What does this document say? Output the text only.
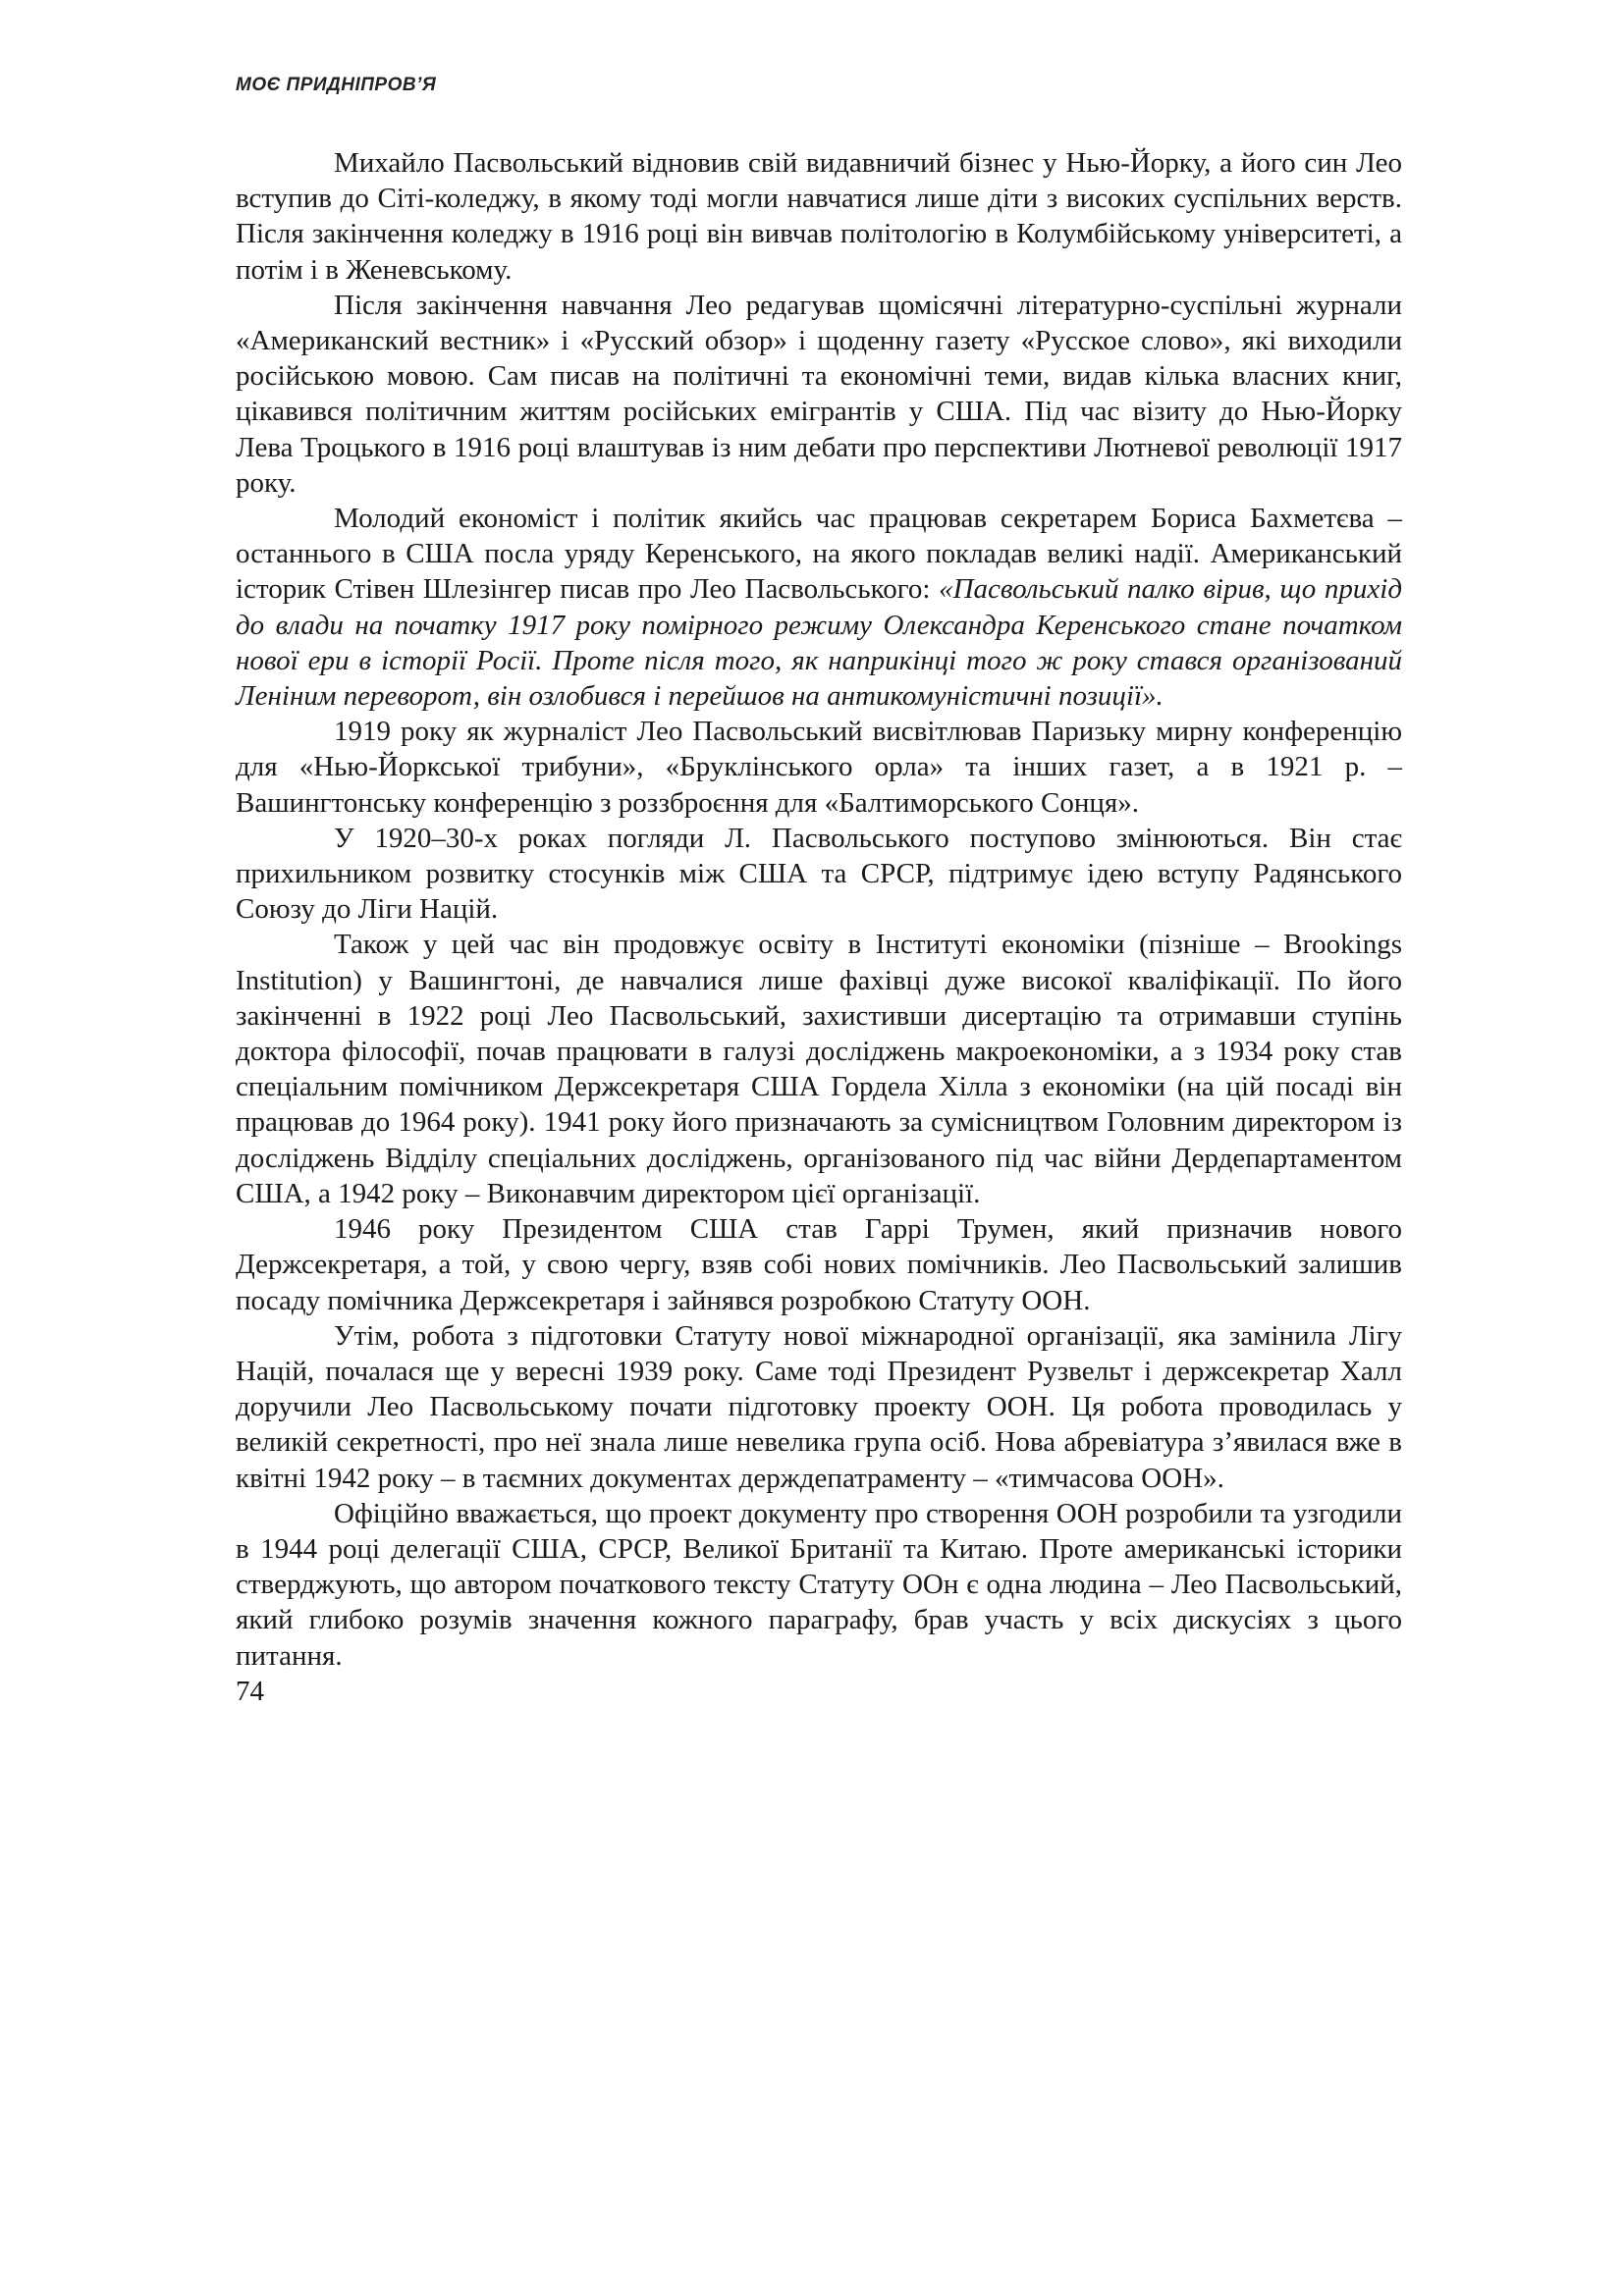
МОЄ ПРИДНІПРОВ’Я

Михайло Пасвольський відновив свій видавничий бізнес у Нью-Йорку, а його син Лео вступив до Сіті-коледжу, в якому тоді могли навчатися лише діти з високих суспільних верств. Після закінчення коледжу в 1916 році він вивчав політологію в Колумбійському університеті, а потім і в Женевському.

Після закінчення навчання Лео редагував щомісячні літературно-суспільні журнали «Американский вестник» і «Русский обзор» і щоденну газету «Русское слово», які виходили російською мовою. Сам писав на політичні та економічні теми, видав кілька власних книг, цікавився політичним життям російських емігрантів у США. Під час візиту до Нью-Йорку Лева Троцького в 1916 році влаштував із ним дебати про перспективи Лютневої революції 1917 року.

Молодий економіст і політик якийсь час працював секретарем Бориса Бахметєва – останнього в США посла уряду Керенського, на якого покладав великі надії. Американський історик Стівен Шлезінгер писав про Лео Пасвольського: «Пасвольський палко вірив, що прихід до влади на початку 1917 року помірного режиму Олександра Керенського стане початком нової ери в історії Росії. Проте після того, як наприкінці того ж року стався організований Леніним переворот, він озлобився і перейшов на антикомуністичні позиції».

1919 року як журналіст Лео Пасвольський висвітлював Паризьку мирну конференцію для «Нью-Йоркської трибуни», «Бруклінського орла» та інших газет, а в 1921 р. – Вашингтонську конференцію з роззброєння для «Балтиморського Сонця».

У 1920–30-х роках погляди Л. Пасвольського поступово змінюються. Він стає прихильником розвитку стосунків між США та СРСР, підтримує ідею вступу Радянського Союзу до Ліги Націй.

Також у цей час він продовжує освіту в Інституті економіки (пізніше – Brookings Institution) у Вашингтоні, де навчалися лише фахівці дуже високої кваліфікації. По його закінченні в 1922 році Лео Пасвольський, захистивши дисертацію та отримавши ступінь доктора філософії, почав працювати в галузі досліджень макроекономіки, а з 1934 року став спеціальним помічником Держсекретаря США Гордела Хілла з економіки (на цій посаді він працював до 1964 року). 1941 року його призначають за сумісництвом Головним директором із досліджень Відділу спеціальних досліджень, організованого під час війни Дердепартаментом США, а 1942 року – Виконавчим директором цієї організації.

1946 року Президентом США став Гаррі Трумен, який призначив нового Держсекретаря, а той, у свою чергу, взяв собі нових помічників. Лео Пасвольський залишив посаду помічника Держсекретаря і зайнявся розробкою Статуту ООН.

Утім, робота з підготовки Статуту нової міжнародної організації, яка замінила Лігу Націй, почалася ще у вересні 1939 року. Саме тоді Президент Рузвельт і держсекретар Халл доручили Лео Пасвольському почати підготовку проекту ООН. Ця робота проводилась у великій секретності, про неї знала лише невелика група осіб. Нова абревіатура з’явилася вже в квітні 1942 року – в таємних документах держдепатраменту – «тимчасова ООН».

Офіційно вважається, що проект документу про створення ООН розробили та узгодили в 1944 році делегації США, СРСР, Великої Британії та Китаю. Проте американські історики стверджують, що автором початкового тексту Статуту ООн є одна людина – Лео Пасвольський, який глибоко розумів значення кожного параграфу, брав участь у всіх дискусіях з цього питання.

74
